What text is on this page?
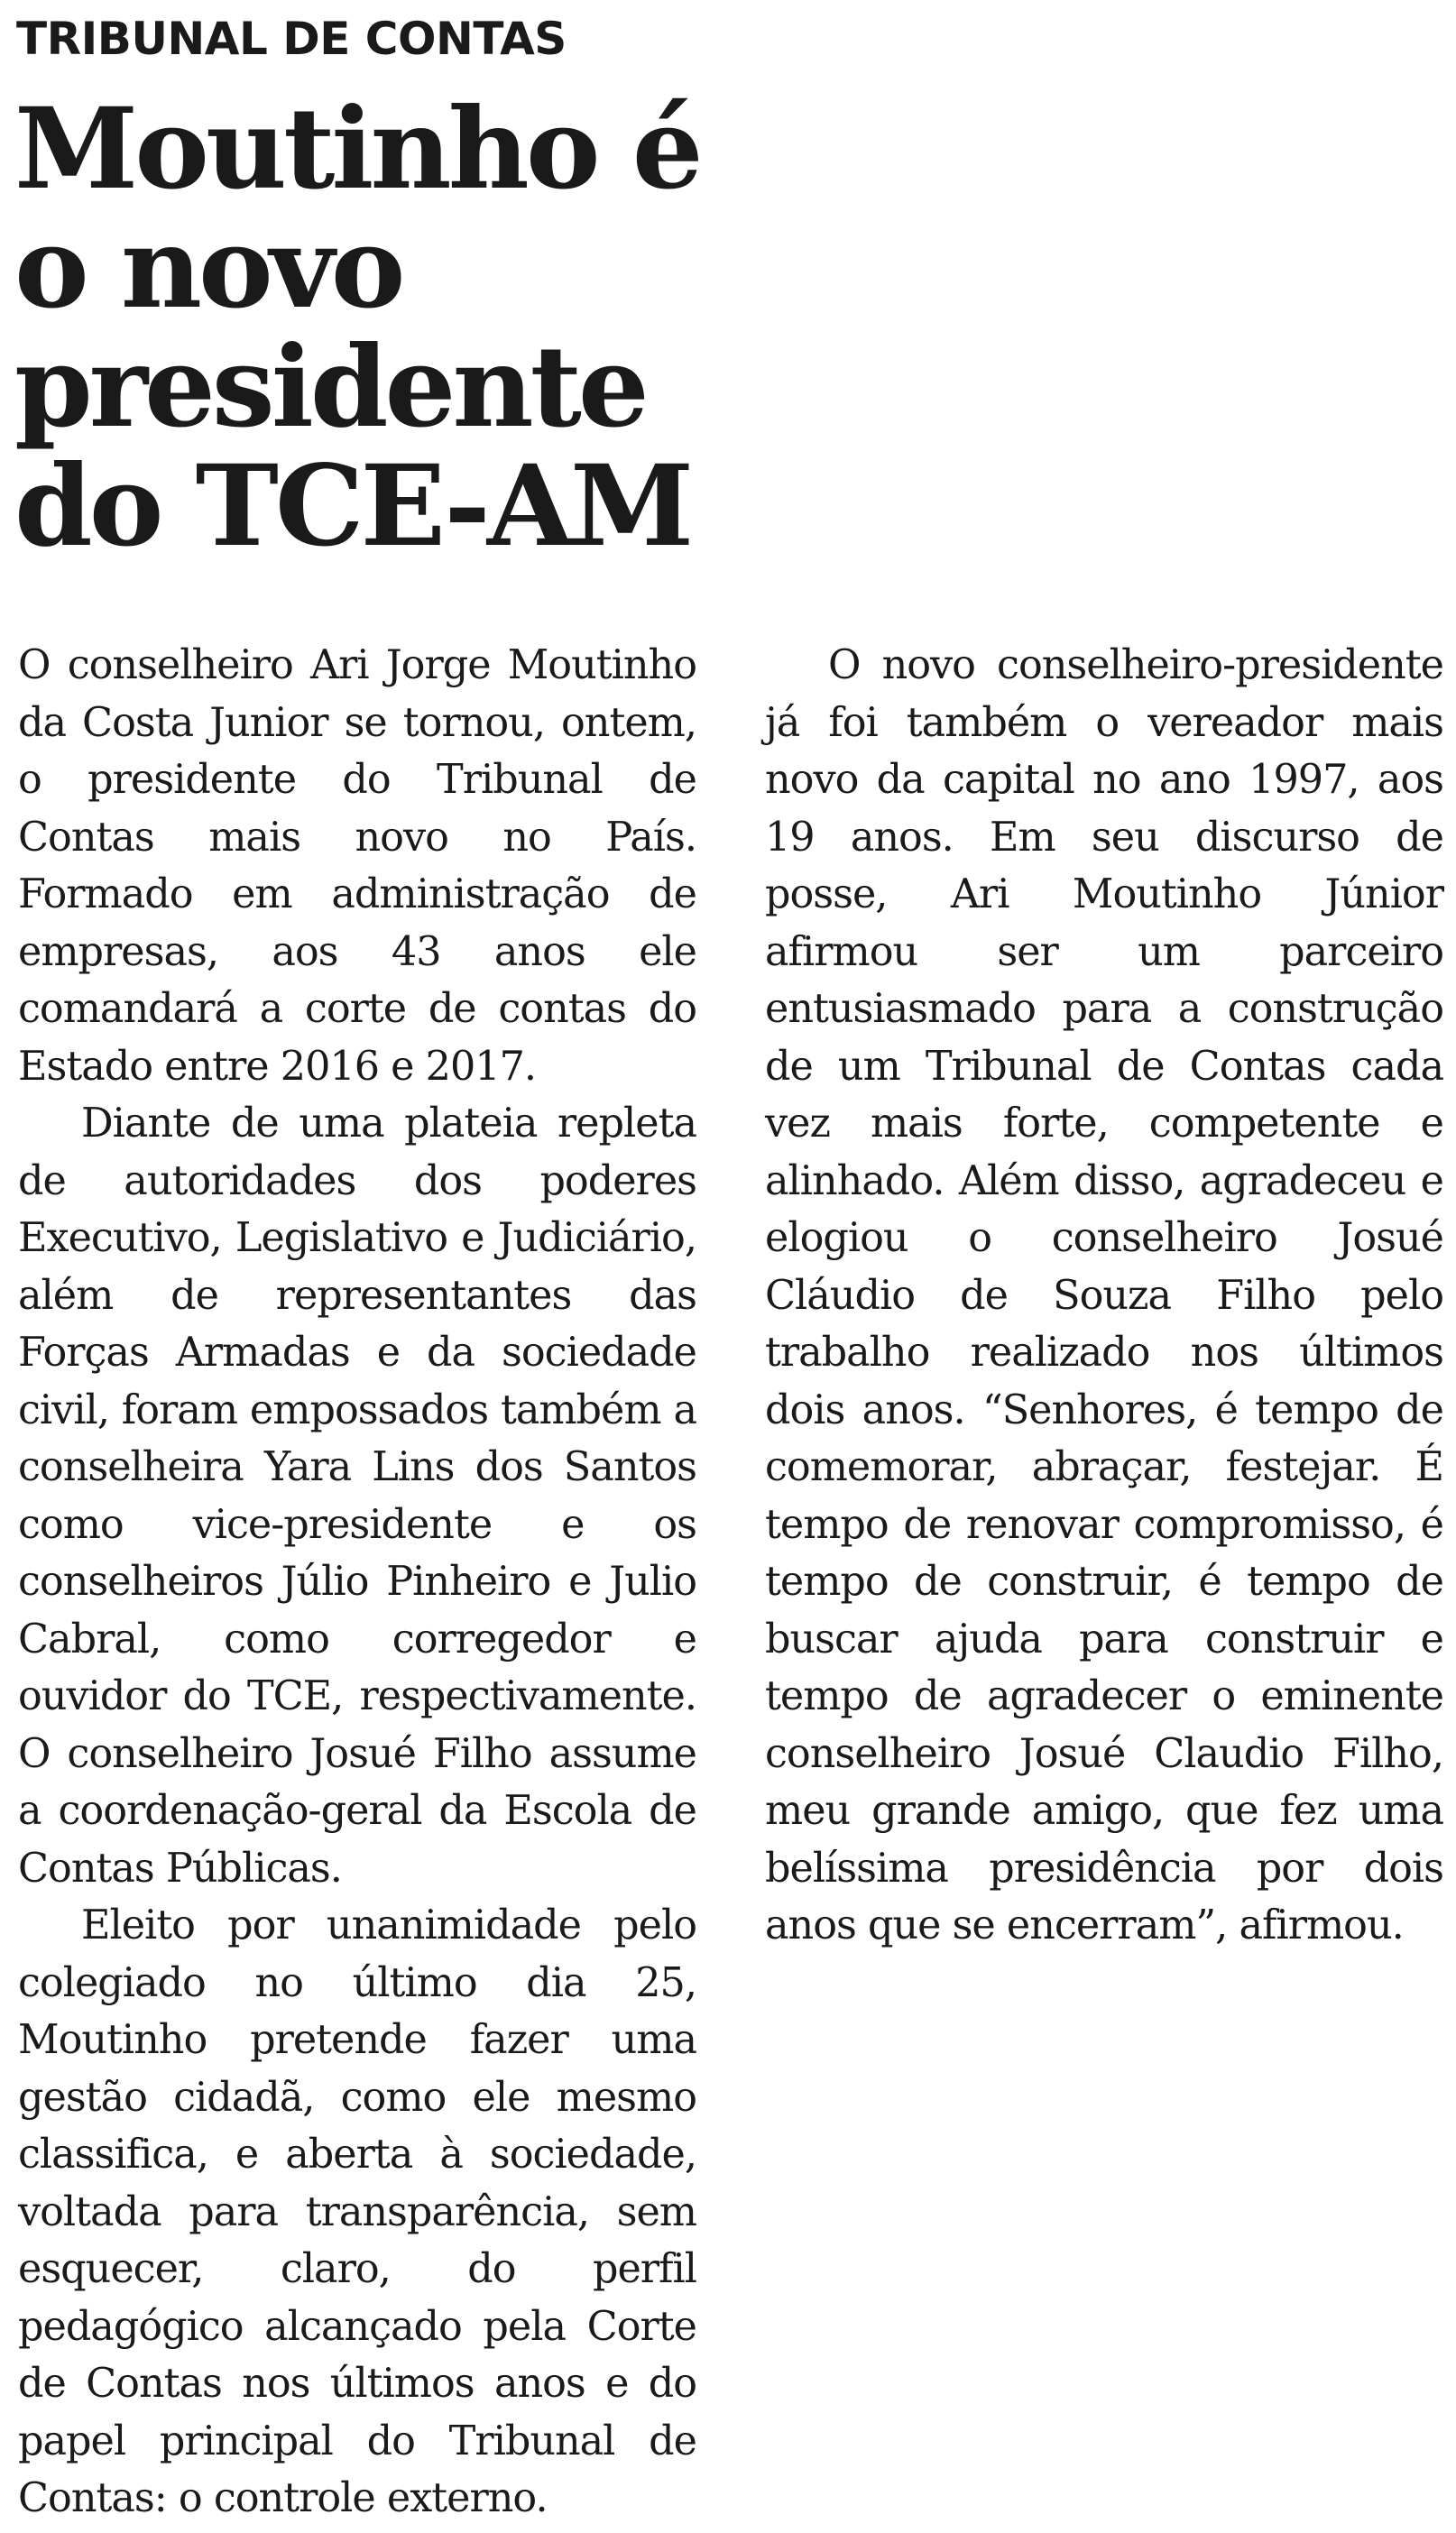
TRIBUNAL DE CONTAS
Moutinho é o novo presidente do TCE-AM

O conselheiro Ari Jorge Moutinho da Costa Junior se tornou, ontem, o presidente do Tribunal de Contas mais novo no País. Formado em administração de empresas, aos 43 anos ele comandará a corte de contas do Estado entre 2016 e 2017.

Diante de uma plateia repleta de autoridades dos poderes Executivo, Legislativo e Judiciário, além de representantes das Forças Armadas e da sociedade civil, foram empossados também a conselheira Yara Lins dos Santos como vice-presidente e os conselheiros Júlio Pinheiro e Julio Cabral, como corregedor e ouvidor do TCE, respectivamente. O conselheiro Josué Filho assume a coordenação-geral da Escola de Contas Públicas.

Eleito por unanimidade pelo colegiado no último dia 25, Moutinho pretende fazer uma gestão cidadã, como ele mesmo classifica, e aberta à sociedade, voltada para transparência, sem esquecer, claro, do perfil pedagógico alcançado pela Corte de Contas nos últimos anos e do papel principal do Tribunal de Contas: o controle externo.

O novo conselheiro-presidente já foi também o vereador mais novo da capital no ano 1997, aos 19 anos. Em seu discurso de posse, Ari Moutinho Júnior afirmou ser um parceiro entusiasmado para a construção de um Tribunal de Contas cada vez mais forte, competente e alinhado. Além disso, agradeceu e elogiou o conselheiro Josué Cláudio de Souza Filho pelo trabalho realizado nos últimos dois anos. “Senhores, é tempo de comemorar, abraçar, festejar. É tempo de renovar compromisso, é tempo de construir, é tempo de buscar ajuda para construir e tempo de agradecer o eminente conselheiro Josué Claudio Filho, meu grande amigo, que fez uma belíssima presidência por dois anos que se encerram”, afirmou.
